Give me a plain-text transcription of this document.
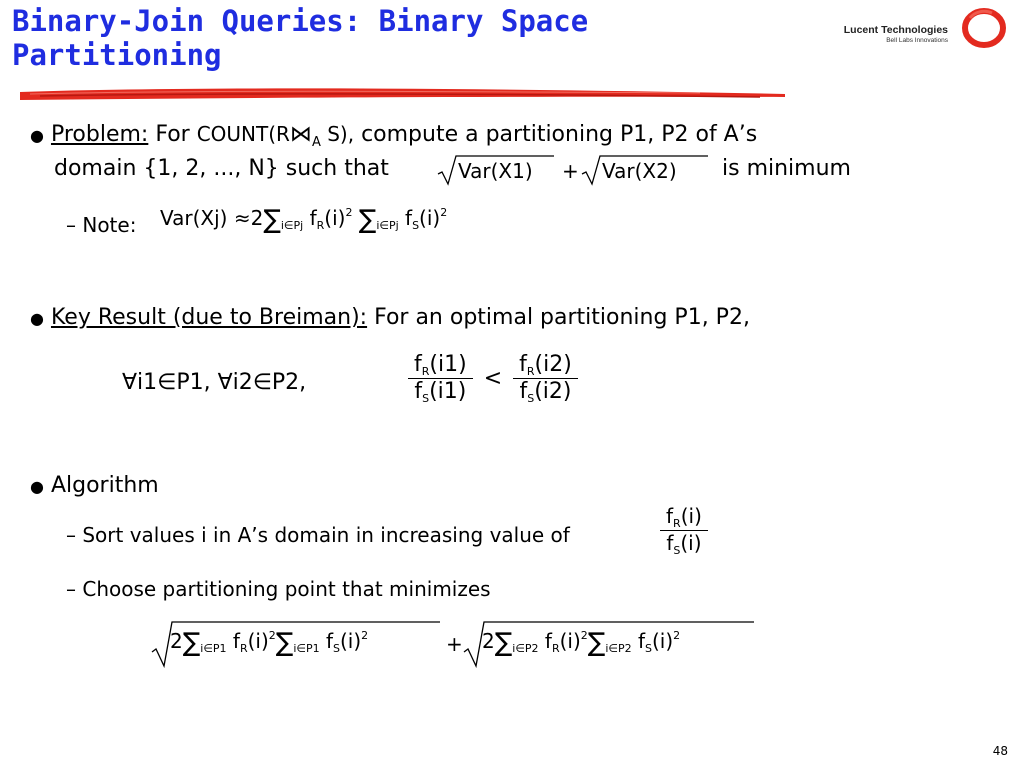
Binary-Join Queries: Binary Space
Partitioning
Lucent Technologies
Bell Labs Innovations
● Problem: For $COUNT(R⋈_A$ S), compute a partitioning P1, P2 of A’s
domain {1, 2, ..., N} such that	Var(X1) + Var(X2) is minimum
– Note: $Var(Xj) \approx 2\sum_{i\in Pj}$ $f_R(i)^2$ $\sum_{i\in Pj}$ $f_S(i)^2$
● Key Result (due to Breiman): For an optimal partitioning P1, P2,
∀i1∈P1, ∀i2∈P2,	$\frac{f_R(i1)}{f_S(i1)} < \frac{f_R(i2)}{f_S(i2)}$
● Algorithm
– Sort values i in A’s domain in increasing value of	$\frac{f_R(i)}{f_S(i)}$
– Choose partitioning point that minimizes
$2\sum_{i\in P1}$ $f_R(i)^2\sum_{i\in P1}$ $f_S(i)^2$	+ $2\sum_{i\in P2}$ $f_R(i)^2\sum_{i\in P2}$ $f_S(i)^2$
48
